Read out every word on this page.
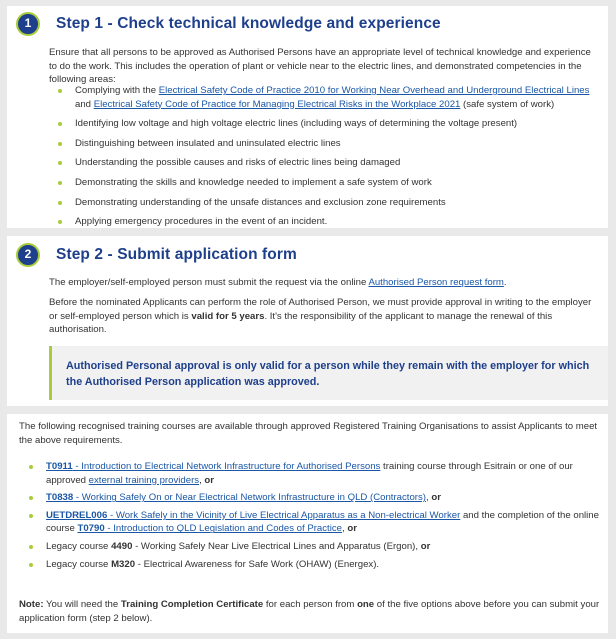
1	Step 1 - Check technical knowledge and experience

Ensure that all persons to be approved as Authorised Persons have an appropriate level of technical knowledge and experience to do the work. This includes the operation of plant or vehicle near to the electric lines, and demonstrated competencies in the following areas:

Complying with the Electrical Safety Code of Practice 2010 for Working Near Overhead and Underground Electrical Lines and Electrical Safety Code of Practice for Managing Electrical Risks in the Workplace 2021 (safe system of work)
Identifying low voltage and high voltage electric lines (including ways of determining the voltage present)
Distinguishing between insulated and uninsulated electric lines
Understanding the possible causes and risks of electric lines being damaged
Demonstrating the skills and knowledge needed to implement a safe system of work
Demonstrating understanding of the unsafe distances and exclusion zone requirements
Applying emergency procedures in the event of an incident.
2	Step 2 - Submit application form

The employer/self-employed person must submit the request via the online Authorised Person request form.

Before the nominated Applicants can perform the role of Authorised Person, we must provide approval in writing to the employer or self-employed person which is valid for 5 years. It's the responsibility of the applicant to manage the renewal of this authorisation.

Authorised Personal approval is only valid for a person while they remain with the employer for which the Authorised Person application was approved.

The following recognised training courses are available through approved Registered Training Organisations to assist Applicants to meet the above requirements.

T0911 - Introduction to Electrical Network Infrastructure for Authorised Persons training course through Esitrain or one of our approved external training providers, or
T0838 - Working Safely On or Near Electrical Network Infrastructure in QLD (Contractors), or
UETDREL006 - Work Safely in the Vicinity of Live Electrical Apparatus as a Non-electrical Worker and the completion of the online course T0790 - Introduction to QLD Legislation and Codes of Practice, or
Legacy course 4490 - Working Safely Near Live Electrical Lines and Apparatus (Ergon), or
Legacy course M320 - Electrical Awareness for Safe Work (OHAW) (Energex).

Note: You will need the Training Completion Certificate for each person from one of the five options above before you can submit your application form (step 2 below).
